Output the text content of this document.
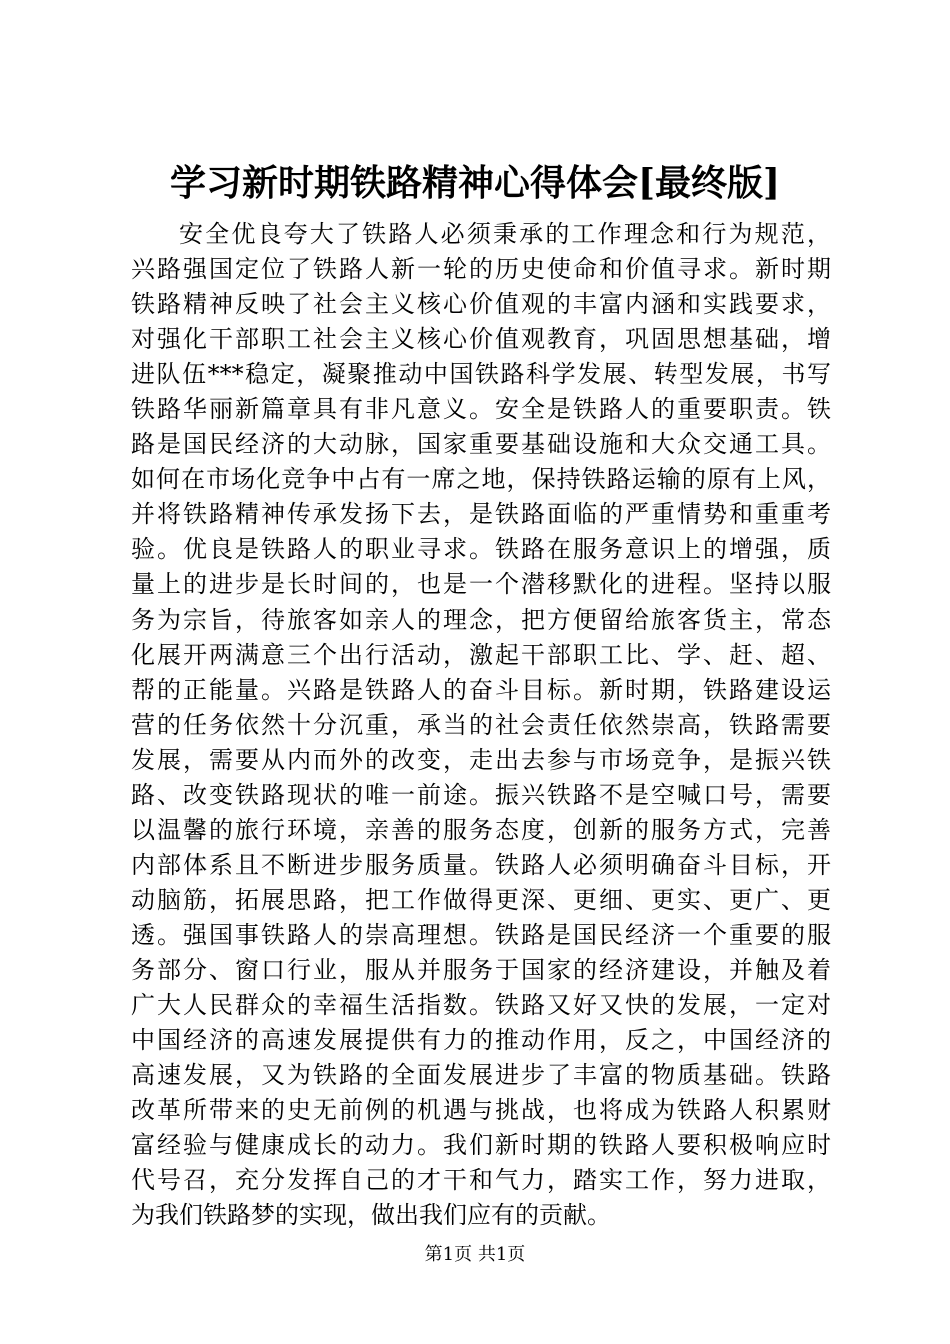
学习新时期铁路精神心得体会[最终版]
安全优良夸大了铁路人必须秉承的工作理念和行为规范，
兴路强国定位了铁路人新一轮的历史使命和价值寻求。新时期
铁路精神反映了社会主义核心价值观的丰富内涵和实践要求，
对强化干部职工社会主义核心价值观教育，巩固思想基础，增
进队伍***稳定，凝聚推动中国铁路科学发展、转型发展，书写
铁路华丽新篇章具有非凡意义。安全是铁路人的重要职责。铁
路是国民经济的大动脉，国家重要基础设施和大众交通工具。
如何在市场化竞争中占有一席之地，保持铁路运输的原有上风，
并将铁路精神传承发扬下去，是铁路面临的严重情势和重重考
验。优良是铁路人的职业寻求。铁路在服务意识上的增强，质
量上的进步是长时间的，也是一个潜移默化的进程。坚持以服
务为宗旨，待旅客如亲人的理念，把方便留给旅客货主，常态
化展开两满意三个出行活动，激起干部职工比、学、赶、超、
帮的正能量。兴路是铁路人的奋斗目标。新时期，铁路建设运
营的任务依然十分沉重，承当的社会责任依然崇高，铁路需要
发展，需要从内而外的改变，走出去参与市场竞争，是振兴铁
路、改变铁路现状的唯一前途。振兴铁路不是空喊口号，需要
以温馨的旅行环境，亲善的服务态度，创新的服务方式，完善
内部体系且不断进步服务质量。铁路人必须明确奋斗目标，开
动脑筋，拓展思路，把工作做得更深、更细、更实、更广、更
透。强国事铁路人的崇高理想。铁路是国民经济一个重要的服
务部分、窗口行业，服从并服务于国家的经济建设，并触及着
广大人民群众的幸福生活指数。铁路又好又快的发展，一定对
中国经济的高速发展提供有力的推动作用，反之，中国经济的
高速发展，又为铁路的全面发展进步了丰富的物质基础。铁路
改革所带来的史无前例的机遇与挑战，也将成为铁路人积累财
富经验与健康成长的动力。我们新时期的铁路人要积极响应时
代号召，充分发挥自己的才干和气力，踏实工作，努力进取，
为我们铁路梦的实现，做出我们应有的贡献。
第1页 共1页
